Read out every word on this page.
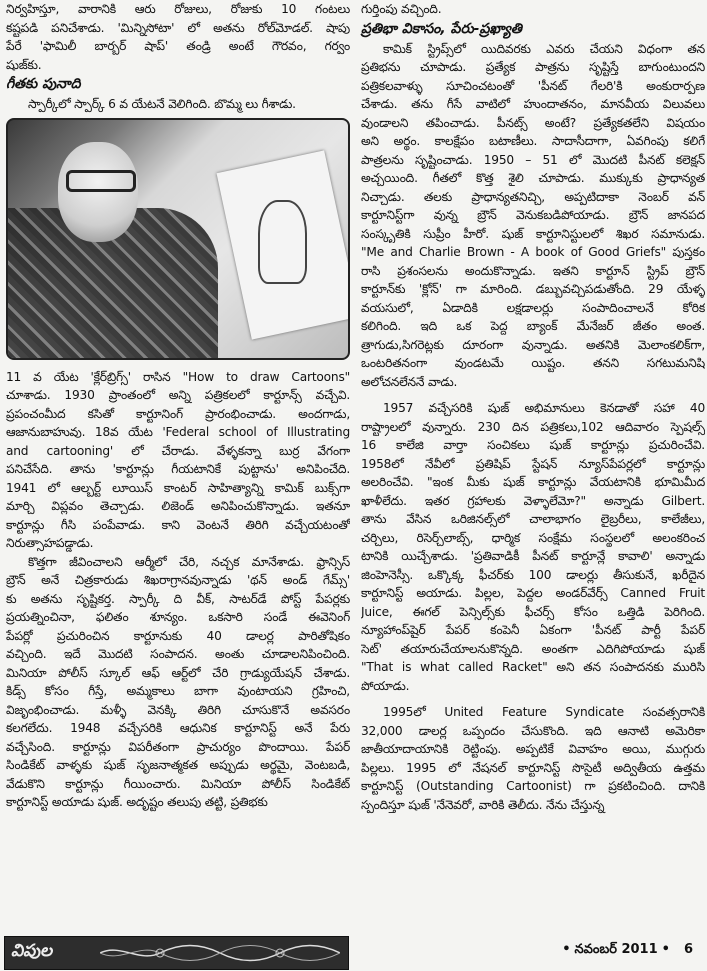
నిర్వహిస్తూ, వారానికి ఆరు రోజులు, రోజుకు 10 గంటలు
కష్టపడి పనిచేశాడు. 'మిన్నిసోటా' లో అతను రోల్‌మోడల్. షాపు
పేరే 'ఫామిలీ బార్బర్ షాప్' తండ్రి అంటే గౌరవం, గర్వం
షుజ్‌కు.
గీతకు పునాది
స్పార్కీలో స్పార్క్ 6 వ యేటనే వెలిగింది. బొమ్మ లు గీశాడు.
11 వ యేట 'క్లేర్‌బ్రిగ్స్' రాసిన "How to draw Cartoons"
చూశాడు. 1930 ప్రాంతంలో అన్ని పత్రికలలో కార్టూన్స్ వచ్చేవి.
ప్రపంచంమీద కసితో కార్టూనింగ్ ప్రారంభించాడు. అందగాడు,
ఆజానుబాహువు. 18వ యేట 'Federal school of Illustrating
and cartooning' లో చేరాడు. వేళ్ళకన్నా బుర్ర వేగంగా
పనిచేసేది. తాను 'కార్టూన్లు గీయటానికే పుట్టాను' అనిపించేది.
1941 లో ఆల్బర్ట్ లూయిస్ కాంటర్ సాహిత్యాన్ని కామిక్ బుక్స్‌గా
మార్చి విప్లవం తెచ్చాడు. లిజెండ్ అనిపించుకొన్నాడు. ఇతనూ
కార్టూన్లు గీసి పంపేవాడు. కాని వెంటనే తిరిగి వచ్చేయటంతో
నిరుత్సాహపడ్డాడు.
కొత్తగా జీవించాలని ఆర్మీలో చేరి, నచ్చక మానేశాడు. ఫ్రాన్సిస్
బ్రౌన్ అనే చిత్రకారుడు శిఖరాగ్రానవున్నాడు 'థన్ అండ్ గేమ్స్'
కు అతను సృష్టికర్త. స్పార్కీ ది వీక్, సాటర్‌డే పోస్ట్ పేపర్లకు
ప్రయత్నించినా, ఫలితం శూన్యం. ఒకసారి సండే ఈవెనింగ్
పేపర్లో ప్రచురించిన కార్టూనుకు 40 డాలర్ల పారితోషికం
వచ్చింది. ఇదే మొదటి సంపాదన. అంతు చూడాలనిపించింది.
మినియా పోలీస్ స్కూల్ ఆఫ్ ఆర్ట్‌లో చేరి గ్రాడ్యుయేషన్ చేశాడు.
కిడ్స్ కోసం గీస్తే, అమ్మకాలు బాగా వుంటాయని గ్రహించి,
విజృంభించాడు. మళ్ళీ వెనక్కి తిరిగి చూసుకొనే అవసరం
కలగలేదు. 1948 వచ్చేసరికి ఆధునిక కార్టూనిస్ట్ అనే పేరు
వచ్చేసింది. కార్టూన్లు విపరీతంగా ప్రాచుర్యం పొందాయి. పేపర్
సిండికేట్ వాళ్ళకు షుజ్ సృజనాత్మకత అప్పుడు అర్థమై, వెంటబడి,
వేడుకొని కార్టూన్లు గీయించారు. మినియా పోలీస్ సిండికేట్
కార్టూనిస్ట్ అయాడు షుజ్. అదృష్టం తలుపు తట్టి, ప్రతిభకు
గుర్తింపు వచ్చింది.
ప్రతిభా వికాసం, పేరు-ప్రఖ్యాతి
కామిక్ స్ట్రిప్స్‌లో యిదివరకు ఎవరు చేయని విధంగా తన
ప్రతిభను చూపాడు. ప్రత్యేక పాత్రను సృష్టిస్తే బాగుంటుందని
పత్రికలవాళ్ళు సూచించటంతో 'పీనట్ గేలరి'కి అంకురార్పణ
చేశాడు. తను గీసే వాటిలో హుందాతనం, మానవీయ విలువలు
వుండాలని తపించాడు. పీనట్స్ అంటే? ప్రత్యేకతలేని విషయం
అని అర్థం. కాలక్షేపం బటాణీలు. సాదాసీదాగా, ఏవగింపు కలిగే
పాత్రలను సృష్టించాడు. 1950 – 51 లో మొదటి పీనట్ కలెక్షన్
అచ్చయింది. గీతలో కొత్త శైలి చూపాడు. ముక్కుకు ప్రాధాన్యత
నిచ్చాడు. తలకు ప్రాధాన్యతనిచ్చి, అప్పటిదాకా నెంబర్ వన్
కార్టూనిస్ట్‌గా వున్న బ్రౌన్ వెనుకబడిపోయాడు. బ్రౌన్ జానపద
సంస్కృతికి సుప్రీం హీరో. షుజ్ కార్టూనిస్టులలో శిఖర సమానుడు.
"Me and Charlie Brown - A book of Good Griefs" పుస్తకం
రాసి ప్రశంసలను అందుకొన్నాడు. ఇతని కార్టూన్ స్ట్రిప్ బ్రౌన్
కార్టూన్‌కు 'క్లోన్' గా మారింది. డబ్బువచ్చిపడుతోంది. 29 యేళ్ళ
వయసులో, ఏడాదికి లక్షడాలర్లు సంపాదించాలనే కోరిక
కలిగింది. ఇది ఒక పెద్ద బ్యాంక్ మేనేజర్ జీతం అంత.
త్రాగుడు,సిగరెట్లకు దూరంగా వున్నాడు. అతనికి మెలాంకలిక్‌గా,
ఒంటరితనంగా వుండటమే యిష్టం. తనని సగటుమనిషి
అలోచనలేననే వాడు.
1957 వచ్చేసరికి షుజ్ అభిమానులు కెనడాతో సహా 40
రాష్ట్రాలలో వున్నారు. 230 దిన పత్రికలు,102 ఆదివారం స్పెషల్స్
16 కాలేజి వార్తా సంచికలు షుజ్ కార్టూన్లు ప్రచురించేవి.
1958లో నేవీలో ప్రతిషిప్ స్టేషన్ న్యూస్‌పేపర్లలో కార్టూన్లు
అలరించేవి. "ఇంక మీకు షుజ్ కార్టూన్లు వేయటానికి భూమిమీద
ఖాళీలేదు. ఇతర గ్రహాలకు వెళ్ళాలేమో?" అన్నాడు Gilbert.
తాను వేసిన ఒరిజినల్స్‌లో చాలాభాగం లైబ్రరీలు, కాలేజీలు,
చర్చిలు, రిసెర్చ్‌లాబ్స్, ధార్మిక సంక్షేమ సంస్థలలో అలంకరించ
టానికి యిచ్చేశాడు. 'ప్రతివాడికీ పీనట్ కార్టూన్లే కావాలి' అన్నాడు
జింహెనెస్సీ. ఒక్కొక్క ఫీచర్‌కు 100 డాలర్లు తీసుకునే, ఖరీదైన
కార్టూనిస్ట్ అయాడు. పిల్లల, పెద్దల అండర్‌వేర్స్ Canned Fruit
Juice, ఈగల్ పెన్సిల్స్‌కు ఫీచర్స్ కోసం ఒత్తిడి పెరిగింది.
న్యూహాంప్‌షైర్ పేపర్ కంపెనీ ఏకంగా 'పీనట్ పార్టీ పేపర్
సెట్' తయారుచేయాలనుకొన్నది. అంతగా ఎదిగిపోయాడు షుజ్
"That is what called Racket" అని తన సంపాదనకు మురిసి
పోయాడు.
1995లో United Feature Syndicate సంవత్సరానికి
32,000 డాలర్ల ఒప్పందం చేసుకొంది. ఇది ఆనాటి అమెరికా
జాతీయాదాయానికి రెట్టింపు. అప్పటికే వివాహం అయి, ముగ్గురు
పిల్లలు. 1995 లో నేషనల్ కార్టూనిస్ట్ సొసైటీ అద్వితీయ ఉత్తమ
కార్టూనిస్ట్ (Outstanding Cartoonist) గా ప్రకటించింది. దానికి
స్పందిస్తూ షుజ్ 'నేనెవరో, వారికి తెలీదు. నేను చేస్తున్న
విపుల	• నవంబర్ 2011 • 6
